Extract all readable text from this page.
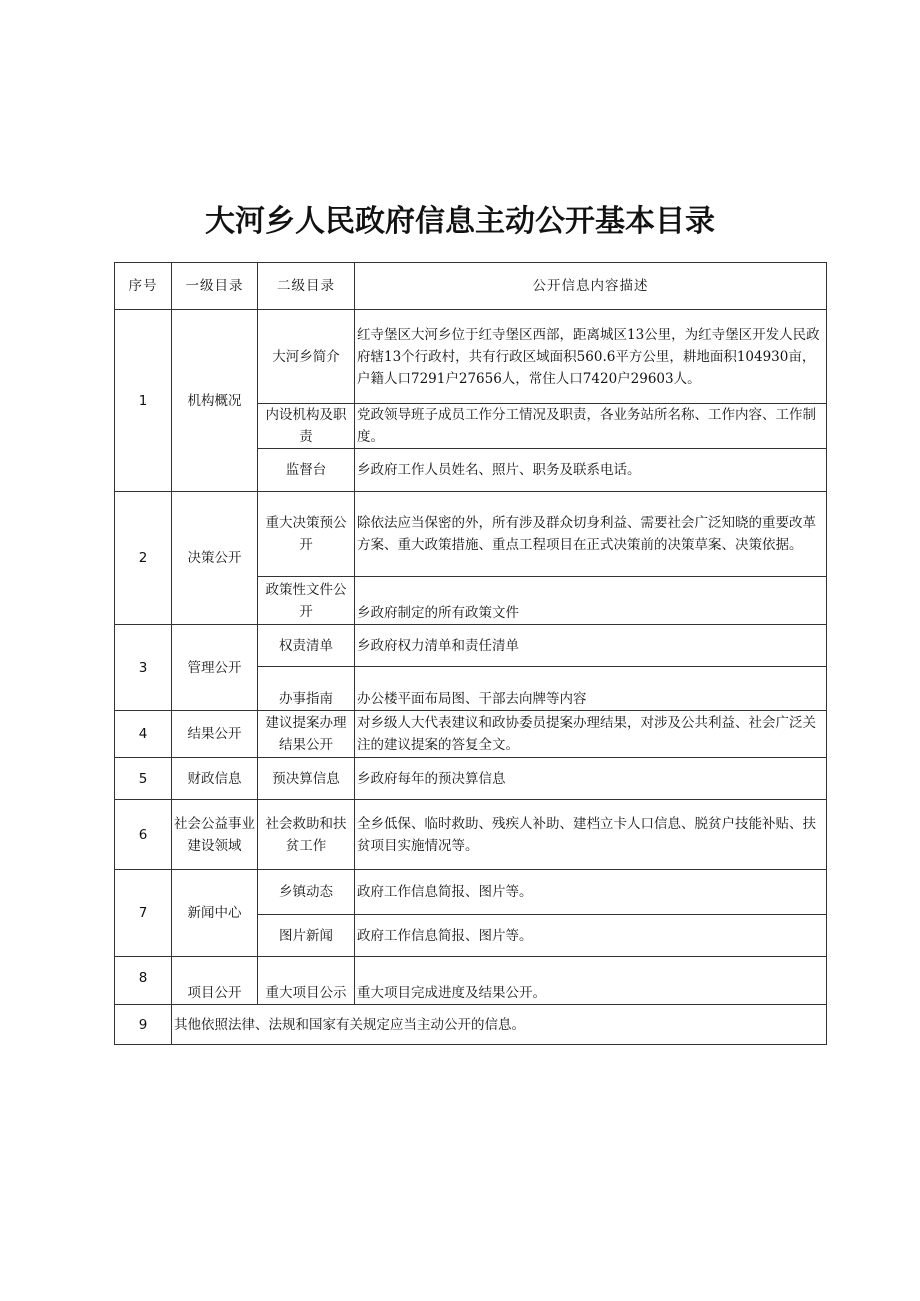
大河乡人民政府信息主动公开基本目录
序号	一级目录	二级目录	公开信息内容描述
1	机构概况	大河乡简介	红寺堡区大河乡位于红寺堡区西部，距离城区13公里，为红寺堡区开发人民政府辖13个行政村，共有行政区域面积560.6平方公里，耕地面积104930亩，户籍人口7291户27656人，常住人口7420户29603人。
		内设机构及职责	党政领导班子成员工作分工情况及职责，各业务站所名称、工作内容、工作制度。
		监督台	乡政府工作人员姓名、照片、职务及联系电话。
2	决策公开	重大决策预公开	除依法应当保密的外，所有涉及群众切身利益、需要社会广泛知晓的重要改革方案、重大政策措施、重点工程项目在正式决策前的决策草案、决策依据。
		政策性文件公开	乡政府制定的所有政策文件
3	管理公开	权责清单	乡政府权力清单和责任清单
		办事指南	办公楼平面布局图、干部去向牌等内容
4	结果公开	建议提案办理结果公开	对乡级人大代表建议和政协委员提案办理结果，对涉及公共利益、社会广泛关注的建议提案的答复全文。
5	财政信息	预决算信息	乡政府每年的预决算信息
6	社会公益事业建设领域	社会救助和扶贫工作	全乡低保、临时救助、残疾人补助、建档立卡人口信息、脱贫户技能补贴、扶贫项目实施情况等。
7	新闻中心	乡镇动态	政府工作信息简报、图片等。
		图片新闻	政府工作信息简报、图片等。
8	项目公开	重大项目公示	重大项目完成进度及结果公开。
9	其他依照法律、法规和国家有关规定应当主动公开的信息。		
